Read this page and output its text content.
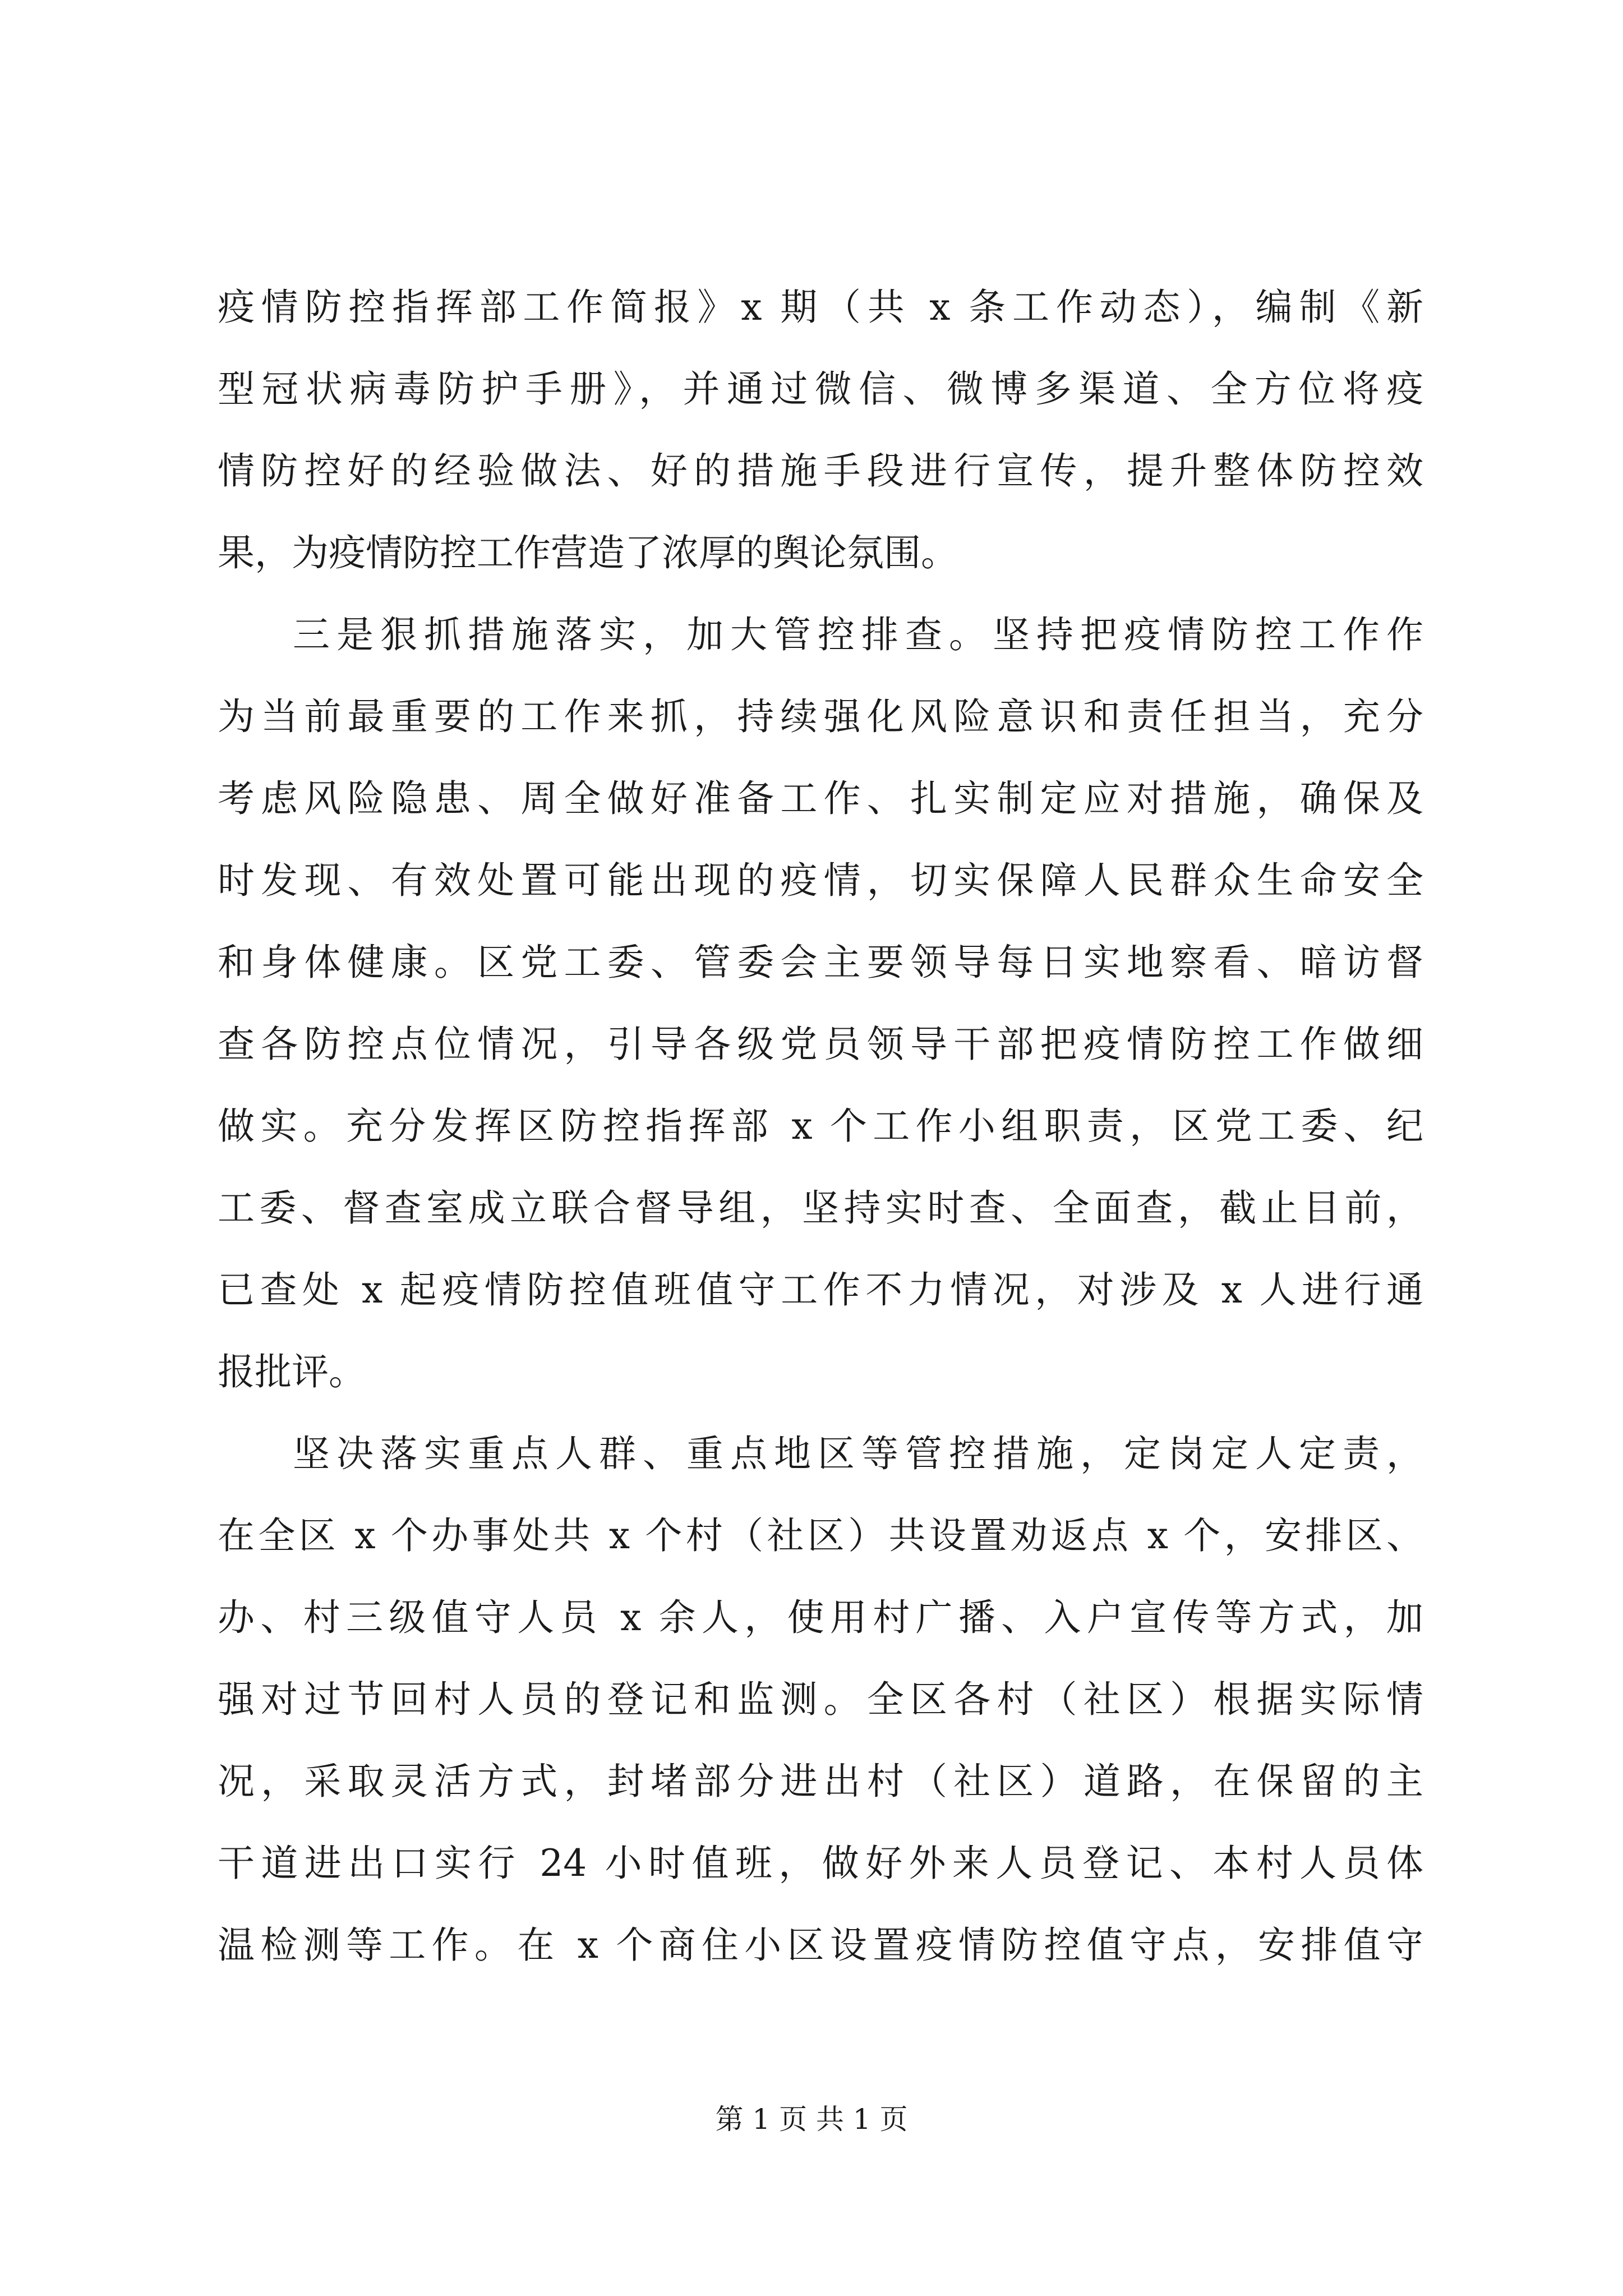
疫情防控指挥部工作简报》x 期（共 x 条工作动态），编制《新
型冠状病毒防护手册》，并通过微信、微博多渠道、全方位将疫
情防控好的经验做法、好的措施手段进行宣传，提升整体防控效
果，为疫情防控工作营造了浓厚的舆论氛围。
三是狠抓措施落实，加大管控排查。坚持把疫情防控工作作
为当前最重要的工作来抓，持续强化风险意识和责任担当，充分
考虑风险隐患、周全做好准备工作、扎实制定应对措施，确保及
时发现、有效处置可能出现的疫情，切实保障人民群众生命安全
和身体健康。区党工委、管委会主要领导每日实地察看、暗访督
查各防控点位情况，引导各级党员领导干部把疫情防控工作做细
做实。充分发挥区防控指挥部 x 个工作小组职责，区党工委、纪
工委、督查室成立联合督导组，坚持实时查、全面查，截止目前，
已查处 x 起疫情防控值班值守工作不力情况，对涉及 x 人进行通
报批评。
坚决落实重点人群、重点地区等管控措施，定岗定人定责，
在全区 x 个办事处共 x 个村（社区）共设置劝返点 x 个，安排区、
办、村三级值守人员 x 余人，使用村广播、入户宣传等方式，加
强对过节回村人员的登记和监测。全区各村（社区）根据实际情
况，采取灵活方式，封堵部分进出村（社区）道路，在保留的主
干道进出口实行 24 小时值班，做好外来人员登记、本村人员体
温检测等工作。在 x 个商住小区设置疫情防控值守点，安排值守
第 1 页 共 1 页
